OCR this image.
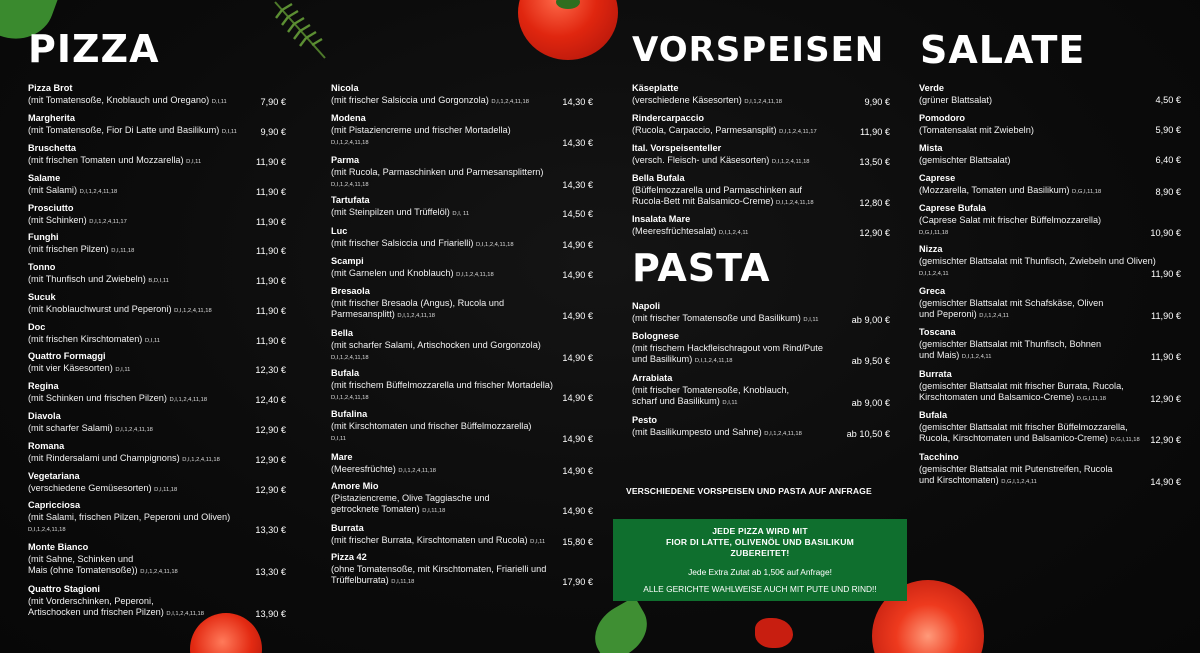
PIZZA	VORSPEISEN SALATE
PASTA
Pizza Brot
(mit Tomatensoße, Knoblauch und Oregano) D,I,11	7,90 €
Margherita
(mit Tomatensoße, Fior Di Latte und Basilikum) D,I,11	9,90 €
Bruschetta
(mit frischen Tomaten und Mozzarella) D,I,11	11,90 €
Salame
(mit Salami) D,I,1,2,4,11,18	11,90 €
Prosciutto
(mit Schinken) D,I,1,2,4,11,17	11,90 €
Funghi
(mit frischen Pilzen) D,I,11,18	11,90 €
Tonno
(mit Thunfisch und Zwiebeln) B,D,I,11	11,90 €
Sucuk
(mit Knoblauchwurst und Peperoni) D,I,1,2,4,11,18	11,90 €
Doc
(mit frischen Kirschtomaten) D,I,11	11,90 €
Quattro Formaggi
(mit vier Käsesorten) D,I,11	12,30 €
Regina
(mit Schinken und frischen Pilzen) D,I,1,2,4,11,18	12,40 €
Diavola
(mit scharfer Salami) D,I,1,2,4,11,18	12,90 €
Romana
(mit Rindersalami und Champignons) D,I,1,2,4,11,18	12,90 €
Vegetariana
(verschiedene Gemüsesorten) D,I,11,18	12,90 €
Capricciosa
(mit Salami, frischen Pilzen, Peperoni und Oliven)
D,I,1,2,4,11,18	13,30 €
Monte Bianco
(mit Sahne, Schinken und
Mais (ohne Tomatensoße)) D,I,1,2,4,11,18	13,30 €
Quattro Stagioni
(mit Vorderschinken, Peperoni,
Artischocken und frischen Pilzen) D,I,1,2,4,11,18	13,90 €
Nicola
(mit frischer Salsiccia und Gorgonzola) D,I,1,2,4,11,18	14,30 €
Modena
(mit Pistaziencreme und frischer Mortadella)
D,I,1,2,4,11,18	14,30 €
Parma
(mit Rucola, Parmaschinken und Parmesansplittern)
D,I,1,2,4,11,18	14,30 €
Tartufata
(mit Steinpilzen und Trüffelöl) D,I, 11	14,50 €
Luc
(mit frischer Salsiccia und Friarielli) D,I,1,2,4,11,18	14,90 €
Scampi
(mit Garnelen und Knoblauch) D,I,1,2,4,11,18	14,90 €
Bresaola
(mit frischer Bresaola (Angus), Rucola und
Parmesansplitt) D,I,1,2,4,11,18	14,90 €
Bella
(mit scharfer Salami, Artischocken und Gorgonzola)
D,I,1,2,4,11,18	14,90 €
Bufala
(mit frischem Büffelmozzarella und frischer Mortadella) D,I,1,2,4,11,18	14,90 €
Bufalina
(mit Kirschtomaten und frischer Büffelmozzarella)
D,I,11	14,90 €
Mare
(Meeresfrüchte) D,I,1,2,4,11,18	14,90 €
Amore Mio
(Pistaziencreme, Olive Taggiasche und
getrocknete Tomaten) D,I,11,18	14,90 €
Burrata
(mit frischer Burrata, Kirschtomaten und Rucola) D,I,11	15,80 €
Pizza 42
(ohne Tomatensoße, mit Kirschtomaten, Friarielli und
Trüffelburrata) D,I,11,18	17,90 €
Käseplatte
(verschiedene Käsesorten) D,I,1,2,4,11,18	9,90 €
Rindercarpaccio
(Rucola, Carpaccio, Parmesansplit) D,I,1,2,4,11,17	11,90 €
Ital. Vorspeisenteller
(versch. Fleisch- und Käsesorten) D,I,1,2,4,11,18	13,50 €
Bella Bufala
(Büffelmozzarella und Parmaschinken auf
Rucola-Bett mit Balsamico-Creme) D,I,1,2,4,11,18	12,80 €
Insalata Mare
(Meeresfrüchtesalat) D,I,1,2,4,11	12,90 €
Napoli
(mit frischer Tomatensoße und Basilikum) D,I,11	ab 9,00 €
Bolognese
(mit frischem Hackfleischragout vom Rind/Pute
und Basilikum) D,I,1,2,4,11,18	ab 9,50 €
Arrabiata
(mit frischer Tomatensoße, Knoblauch,
scharf und Basilikum) D,I,11	ab 9,00 €
Pesto
(mit Basilikumpesto und Sahne) D,I,1,2,4,11,18	ab 10,50 €
Verde
(grüner Blattsalat)	4,50 €
Pomodoro
(Tomatensalat mit Zwiebeln)	5,90 €
Mista
(gemischter Blattsalat)	6,40 €
Caprese
(Mozzarella, Tomaten und Basilikum) D,G,I,11,18	8,90 €
Caprese Bufala
(Caprese Salat mit frischer Büffelmozzarella)
D,G,I,11,18	10,90 €
Nizza
(gemischter Blattsalat mit Thunfisch, Zwiebeln und Oliven)
D,I,1,2,4,11	11,90 €
Greca
(gemischter Blattsalat mit Schafskäse, Oliven
und Peperoni) D,I,1,2,4,11	11,90 €
Toscana
(gemischter Blattsalat mit Thunfisch, Bohnen
und Mais) D,I,1,2,4,11	11,90 €
Burrata
(gemischter Blattsalat mit frischer Burrata, Rucola,
Kirschtomaten und Balsamico-Creme) D,G,I,11,18	12,90 €
Bufala
(gemischter Blattsalat mit frischer Büffelmozzarella,
Rucola, Kirschtomaten und Balsamico-Creme) D,G,I,11,18	12,90 €
Tacchino
(gemischter Blattsalat mit Putenstreifen, Rucola
und Kirschtomaten) D,G,I,1,2,4,11	14,90 €
VERSCHIEDENE VORSPEISEN UND PASTA AUF ANFRAGE
JEDE PIZZA WIRD MIT
FIOR DI LATTE, OLIVENÖL UND BASILIKUM
ZUBEREITET!
Jede Extra Zutat ab 1,50€ auf Anfrage!
ALLE GERICHTE WAHLWEISE AUCH MIT PUTE UND RIND!!
